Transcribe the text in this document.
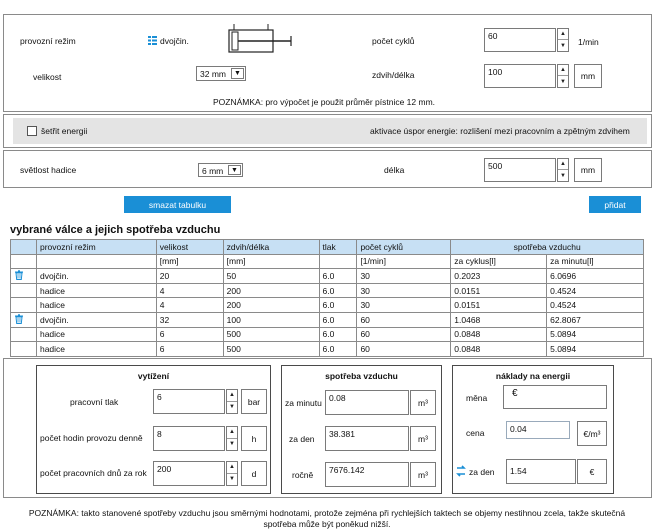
provozní režim	dvojčin.	počet cyklů	60	▲
▼ 1/min
velikost	32 mm	▼	zdvih/délka	100	▲
▼
mm
POZNÁMKA: pro výpočet je použit průměr pístnice 12 mm.
šetřit energii	aktivace úspor energie: rozlišení mezi pracovním a zpětným zdvihem
světlost hadice	6 mm	▼	délka	500	▲
▼
mm
smazat tabulku	přidat
vybrané válce a jejich spotřeba vzduchu
	provozní režim	velikost	zdvih/délka	tlak	počet cyklů	spotřeba vzduchu	
		[mm]	[mm]		[1/min]	za cyklus[l]	za minutu[l]
	dvojčin.	20	50	6.0	30	0.2023	6.0696
	hadice	4	200	6.0	30	0.0151	0.4524
	hadice	4	200	6.0	30	0.0151	0.4524
	dvojčin.	32	100	6.0	60	1.0468	62.8067
	hadice	6	500	6.0	60	0.0848	5.0894
	hadice	6	500	6.0	60	0.0848	5.0894
vytížení
pracovní tlak	6	▲
▼
bar
počet hodin provozu denně	8	▲
▼
h
počet pracovních dnů za rok	200	▲
▼
d
spotřeba vzduchu
za minutu 0.08	m³
za den	38.381	m³
ročně	7676.142	m³
náklady na energii
měna	€
cena	0.04	€/m³
za den	1.54	€
POZNÁMKA: takto stanovené spotřeby vzduchu jsou směrnými hodnotami, protože zejména při rychlejších taktech se objemy nestihnou zcela, takže skutečná spotřeba může být poněkud nižší.
